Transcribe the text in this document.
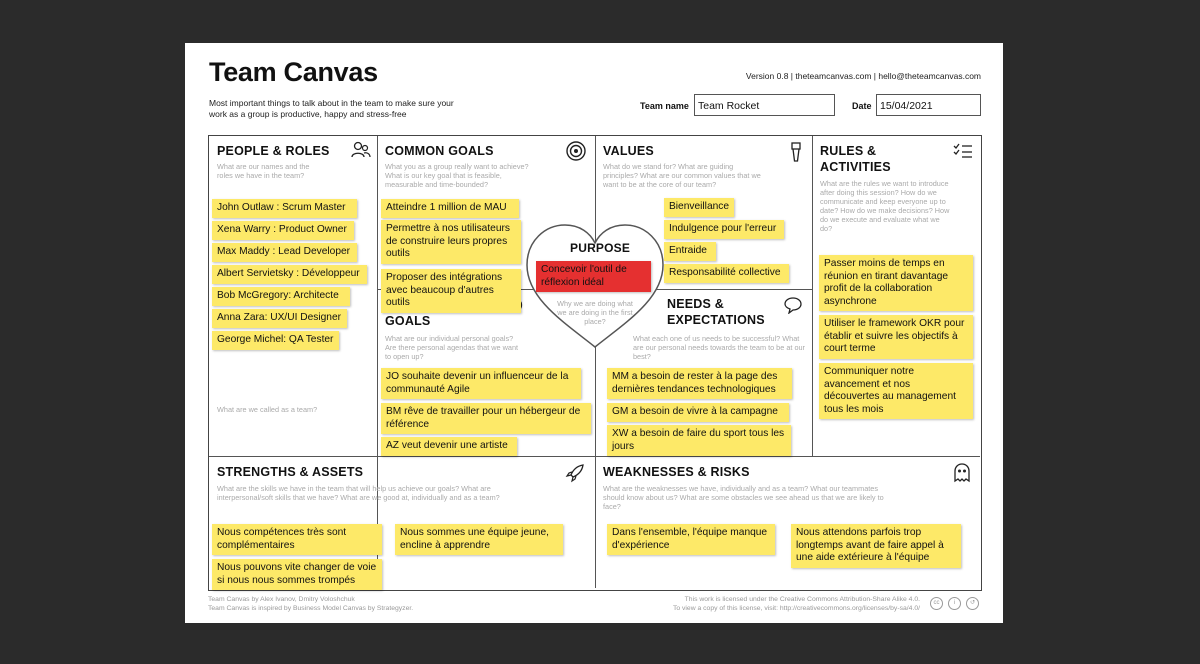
Team Canvas
Most important things to talk about in the team to make sure your work as a group is productive, happy and stress-free
Version 0.8 | theteamcanvas.com | hello@theteamcanvas.com
Team name Team Rocket	Date 15/04/2021
PEOPLE & ROLES
What are our names and the roles we have in the team?
What are we called as a team?
COMMON GOALS
What you as a group really want to achieve? What is our key goal that is feasible, measurable and time-bounded?
VALUES
What do we stand for? What are guiding principles? What are our common values that we want to be at the core of our team?
RULES &
ACTIVITIES
What are the rules we want to introduce after doing this session? How do we communicate and keep everyone up to date? How do we make decisions? How do we execute and evaluate what we do?
PURPOSE
Why we are doing what we are doing in the first place?
GOALS
What are our individual personal goals? Are there personal agendas that we want to open up?
NEEDS &
EXPECTATIONS
What each one of us needs to be successful? What are our personal needs towards the team to be at our best?
STRENGTHS & ASSETS
What are the skills we have in the team that will help us achieve our goals? What are interpersonal/soft skills that we have? What are we good at, individually and as a team?
WEAKNESSES & RISKS
What are the weaknesses we have, individually and as a team? What our teammates should know about us? What are some obstacles we see ahead us that we are likely to face?
John Outlaw : Scrum Master
Xena Warry : Product Owner
Max Maddy : Lead Developer
Albert Servietsky : Développeur
Bob McGregory: Architecte
Anna Zara: UX/UI Designer
George Michel: QA Tester
Atteindre 1 million de MAU
Permettre à nos utilisateurs de construire leurs propres outils
Proposer des intégrations avec beaucoup d'autres outils
Bienveillance
Indulgence pour l'erreur
Entraide
Responsabilité collective
Concevoir l'outil de réflexion idéal
Passer moins de temps en réunion en tirant davantage profit de la collaboration asynchrone
Utiliser le framework OKR pour établir et suivre les objectifs à court terme
Communiquer notre avancement et nos découvertes au management tous les mois
JO souhaite devenir un influenceur de la communauté Agile
BM rêve de travailler pour un hébergeur de référence
AZ veut devenir une artiste
MM a besoin de rester à la page des dernières tendances technologiques
GM a besoin de vivre à la campagne
XW a besoin de faire du sport tous les jours
Nous compétences très sont complémentaires
Nous sommes une équipe jeune, encline à apprendre
Nous pouvons vite changer de voie si nous nous sommes trompés
Dans l'ensemble, l'équipe manque d'expérience
Nous attendons parfois trop longtemps avant de faire appel à une aide extérieure à l'équipe
Team Canvas by Alex Ivanov, Dmitry Voloshchuk
Team Canvas is inspired by Business Model Canvas by Strategyzer.
This work is licensed under the Creative Commons Attribution-Share Alike 4.0.
To view a copy of this license, visit: http://creativecommons.org/licenses/by-sa/4.0/
cc	i	↺
